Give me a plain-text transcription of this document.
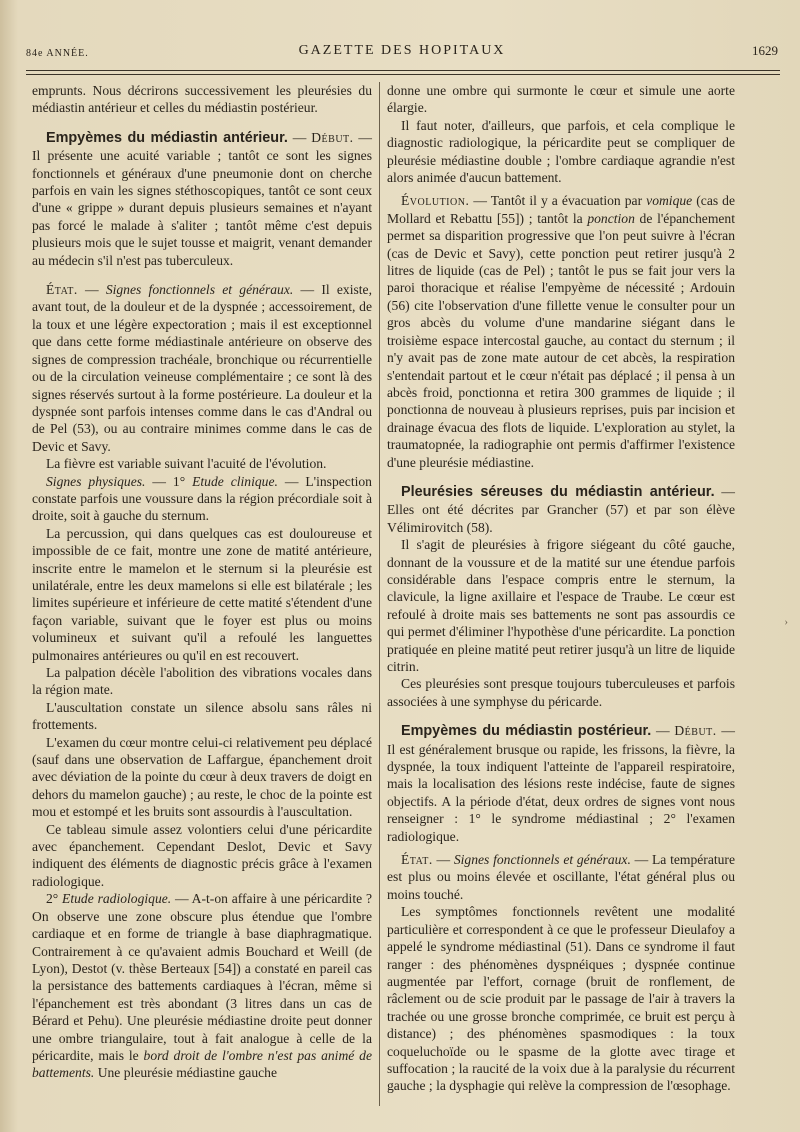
84e ANNÉE.	GAZETTE DES HOPITAUX	1629

emprunts. Nous décrirons successivement les pleurésies du médiastin antérieur et celles du médiastin postérieur.

Empyèmes du médiastin antérieur. — Début. — Il présente une acuité variable ; tantôt ce sont les signes fonctionnels et généraux d'une pneumonie dont on cherche parfois en vain les signes stéthoscopiques, tantôt ce sont ceux d'une « grippe » durant depuis plusieurs semaines et n'ayant pas forcé le malade à s'aliter ; tantôt même c'est depuis plusieurs mois que le sujet tousse et maigrit, venant demander au médecin s'il n'est pas tuberculeux.

État. — Signes fonctionnels et généraux. — Il existe, avant tout, de la douleur et de la dyspnée ; accessoirement, de la toux et une légère expectoration ; mais il est exceptionnel que dans cette forme médiastinale antérieure on observe des signes de compression trachéale, bronchique ou récurrentielle ou de la circulation veineuse complémentaire ; ce sont là des signes réservés surtout à la forme postérieure. La douleur et la dyspnée sont parfois intenses comme dans le cas d'Andral ou de Pel (53), ou au contraire minimes comme dans le cas de Devic et Savy.

La fièvre est variable suivant l'acuité de l'évolution.

Signes physiques. — 1° Etude clinique. — L'inspection constate parfois une voussure dans la région précordiale soit à droite, soit à gauche du sternum.

La percussion, qui dans quelques cas est douloureuse et impossible de ce fait, montre une zone de matité antérieure, inscrite entre le mamelon et le sternum si la pleurésie est unilatérale, entre les deux mamelons si elle est bilatérale ; les limites supérieure et inférieure de cette matité s'étendent d'une façon variable, suivant que le foyer est plus ou moins volumineux et suivant qu'il a refoulé les languettes pulmonaires antérieures ou qu'il en est recouvert.

La palpation décèle l'abolition des vibrations vocales dans la région mate.

L'auscultation constate un silence absolu sans râles ni frottements.

L'examen du cœur montre celui-ci relativement peu déplacé (sauf dans une observation de Laffargue, épanchement droit avec déviation de la pointe du cœur à deux travers de doigt en dehors du mamelon gauche) ; au reste, le choc de la pointe est mou et estompé et les bruits sont assourdis à l'auscultation.

Ce tableau simule assez volontiers celui d'une péricardite avec épanchement. Cependant Deslot, Devic et Savy indiquent des éléments de diagnostic précis grâce à l'examen radiologique.

2° Etude radiologique. — A-t-on affaire à une péricardite ? On observe une zone obscure plus étendue que l'ombre cardiaque et en forme de triangle à base diaphragmatique. Contrairement à ce qu'avaient admis Bouchard et Weill (de Lyon), Destot (v. thèse Berteaux [54]) a constaté en pareil cas la persistance des battements cardiaques à l'écran, même si l'épanchement est très abondant (3 litres dans un cas de Bérard et Pehu). Une pleurésie médiastine droite peut donner une ombre triangulaire, tout à fait analogue à celle de la péricardite, mais le bord droit de l'ombre n'est pas animé de battements. Une pleurésie médiastine gauche

donne une ombre qui surmonte le cœur et simule une aorte élargie.

Il faut noter, d'ailleurs, que parfois, et cela complique le diagnostic radiologique, la péricardite peut se compliquer de pleurésie médiastine double ; l'ombre cardiaque agrandie n'est alors animée d'aucun battement.

Évolution. — Tantôt il y a évacuation par vomique (cas de Mollard et Rebattu [55]) ; tantôt la ponction de l'épanchement permet sa disparition progressive que l'on peut suivre à l'écran (cas de Devic et Savy), cette ponction peut retirer jusqu'à 2 litres de liquide (cas de Pel) ; tantôt le pus se fait jour vers la paroi thoracique et réalise l'empyème de nécessité ; Ardouin (56) cite l'observation d'une fillette venue le consulter pour un gros abcès du volume d'une mandarine siégant dans le troisième espace intercostal gauche, au contact du sternum ; il n'y avait pas de zone mate autour de cet abcès, la respiration s'entendait partout et le cœur n'était pas déplacé ; il pensa à un abcès froid, ponctionna et retira 300 grammes de liquide ; il ponctionna de nouveau à plusieurs reprises, puis par incision et drainage évacua des flots de liquide. L'exploration au stylet, la traumatopnée, la radiographie ont permis d'affirmer l'existence d'une pleurésie médiastine.

Pleurésies séreuses du médiastin antérieur. — Elles ont été décrites par Grancher (57) et par son élève Vélimirovitch (58).

Il s'agit de pleurésies à frigore siégeant du côté gauche, donnant de la voussure et de la matité sur une étendue parfois considérable dans l'espace compris entre le sternum, la clavicule, la ligne axillaire et l'espace de Traube. Le cœur est refoulé à droite mais ses battements ne sont pas assourdis ce qui permet d'éliminer l'hypothèse d'une péricardite. La ponction pratiquée en pleine matité peut retirer jusqu'à un litre de liquide citrin.

Ces pleurésies sont presque toujours tuberculeuses et parfois associées à une symphyse du péricarde.

Empyèmes du médiastin postérieur. — Début. — Il est généralement brusque ou rapide, les frissons, la fièvre, la dyspnée, la toux indiquent l'atteinte de l'appareil respiratoire, mais la localisation des lésions reste indécise, faute de signes objectifs. A la période d'état, deux ordres de signes vont nous renseigner : 1° le syndrome médiastinal ; 2° l'examen radiologique.

État. — Signes fonctionnels et généraux. — La température est plus ou moins élevée et oscillante, l'état général plus ou moins touché.

Les symptômes fonctionnels revêtent une modalité particulière et correspondent à ce que le professeur Dieulafoy a appelé le syndrome médiastinal (51). Dans ce syndrome il faut ranger : des phénomènes dyspnéiques ; dyspnée continue augmentée par l'effort, cornage (bruit de ronflement, de râclement ou de scie produit par le passage de l'air à travers la trachée ou une grosse bronche comprimée, ce bruit est perçu à distance) ; des phénomènes spasmodiques : la toux coqueluchoïde ou le spasme de la glotte avec tirage et suffocation ; la raucité de la voix due à la paralysie du récurrent gauche ; la dysphagie qui relève la compression de l'œsophage.

›
